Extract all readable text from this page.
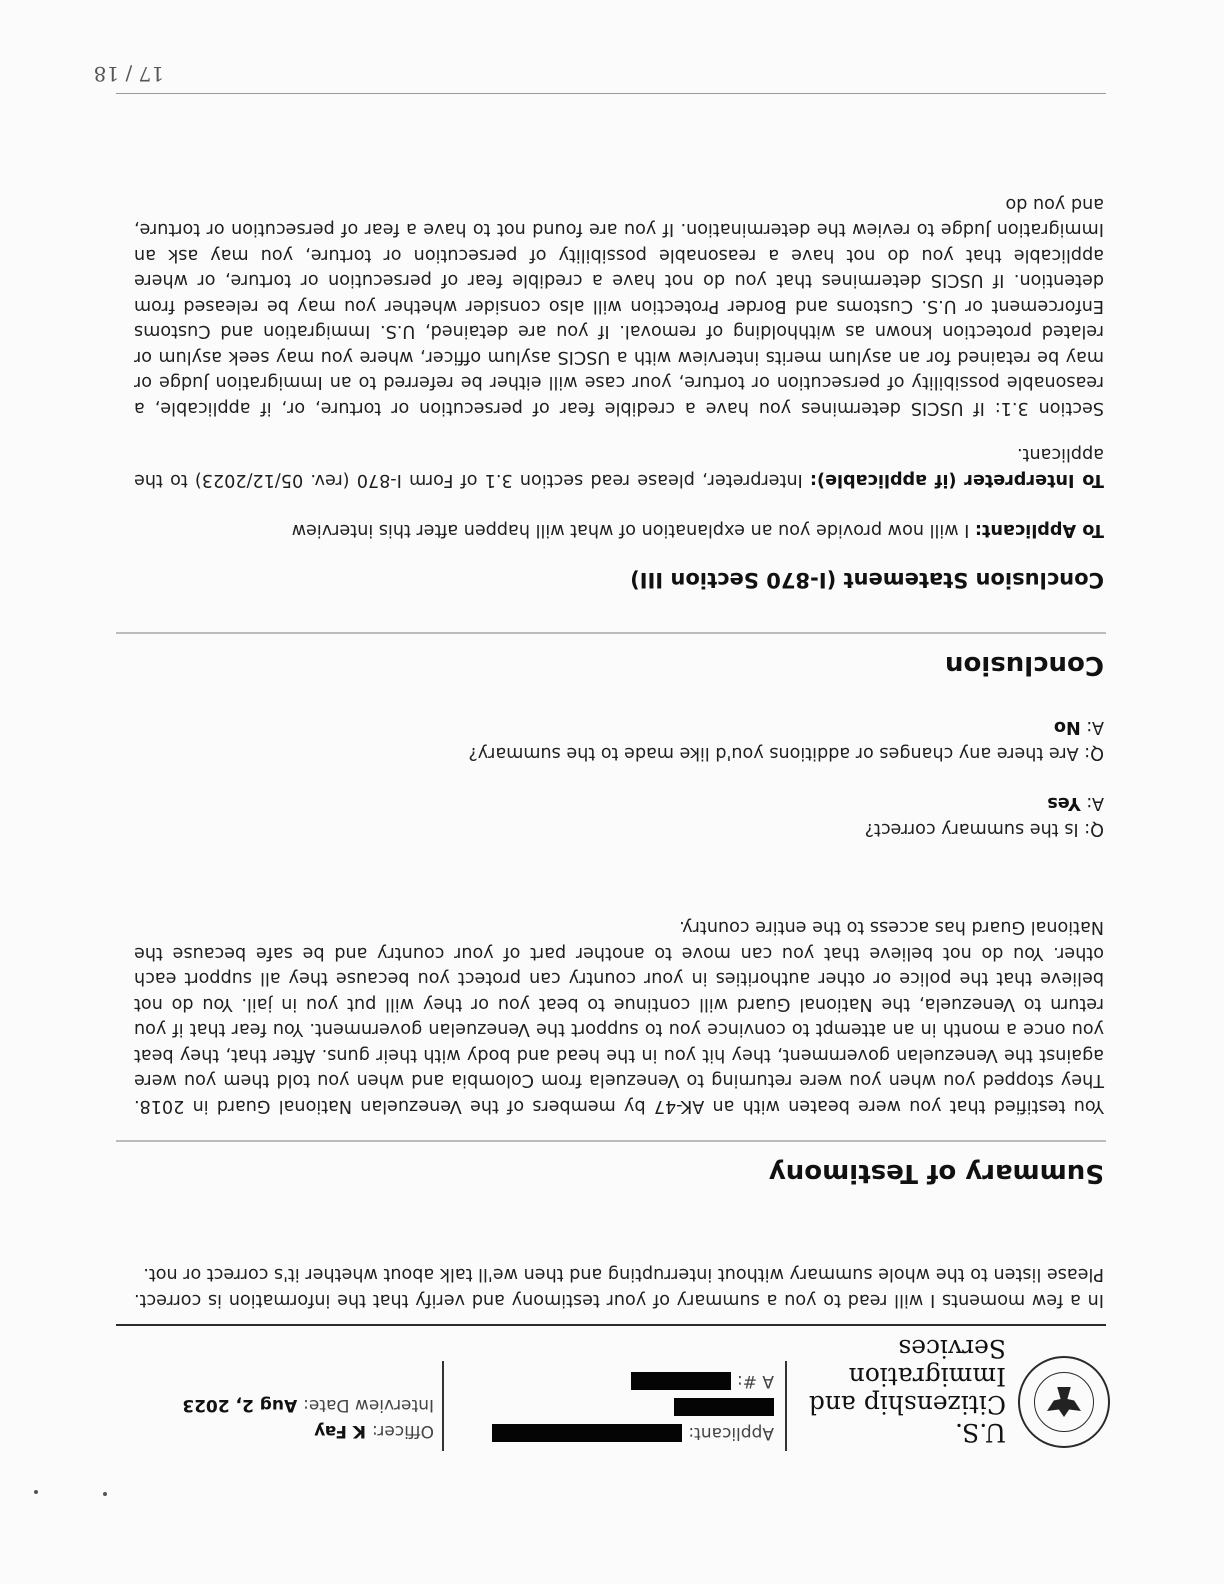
U.S. Citizenship and Immigration Services
Applicant:
A #:
Officer:
K Fay
Interview Date:
Aug 2, 2023
In a few moments I will read to you a summary of your testimony and verify that the information is correct. Please listen to the whole summary without interrupting and then we'll talk about whether it's correct or not.
Summary of Testimony
You testified that you were beaten with an AK-47 by members of the Venezuelan National Guard in 2018. They stopped you when you were returning to Venezuela from Colombia and when you told them you were against the Venezuelan government, they hit you in the head and body with their guns. After that, they beat you once a month in an attempt to convince you to support the Venezuelan government. You fear that if you return to Venezuela, the National Guard will continue to beat you or they will put you in jail. You do not believe that the police or other authorities in your country can protect you because they all support each other. You do not believe that you can move to another part of your country and be safe because the National Guard has access to the entire country.
Q: Is the summary correct?
A: Yes
Q: Are there any changes or additions you'd like made to the summary?
A: No
Conclusion
Conclusion Statement (I-870 Section III)
To Applicant: I will now provide you an explanation of what will happen after this interview
To Interpreter (if applicable): Interpreter, please read section 3.1 of Form I-870 (rev. 05/12/2023) to the applicant.
Section 3.1: If USCIS determines you have a credible fear of persecution or torture, or, if applicable, a reasonable possibility of persecution or torture, your case will either be referred to an Immigration Judge or may be retained for an asylum merits interview with a USCIS asylum officer, where you may seek asylum or related protection known as withholding of removal. If you are detained, U.S. Immigration and Customs Enforcement or U.S. Customs and Border Protection will also consider whether you may be released from detention. If USCIS determines that you do not have a credible fear of persecution or torture, or where applicable that you do not have a reasonable possibility of persecution or torture, you may ask an Immigration Judge to review the determination. If you are found not to have a fear of persecution or torture, and you do
17 / 18
